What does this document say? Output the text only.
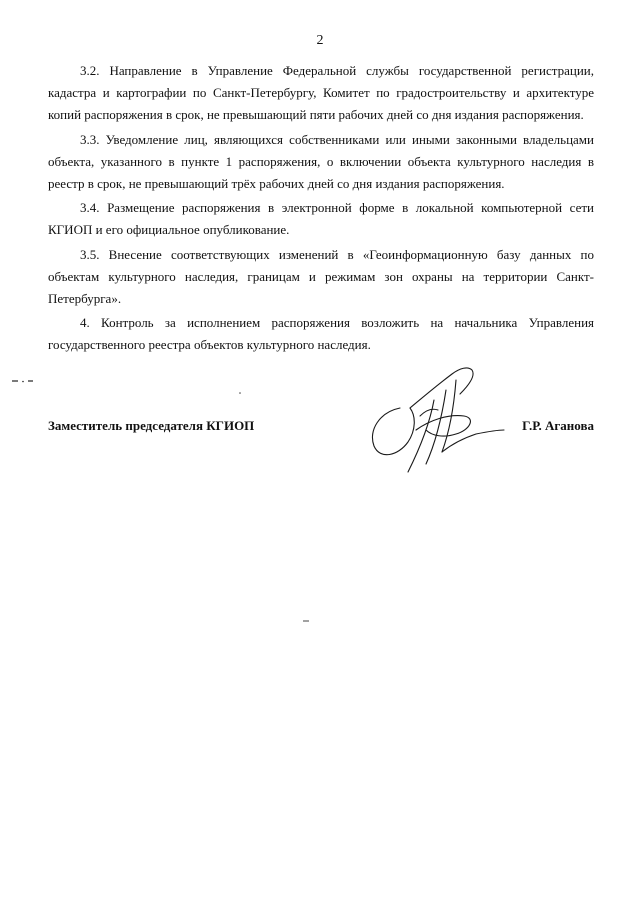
2

3.2. Направление в Управление Федеральной службы государственной регистрации, кадастра и картографии по Санкт-Петербургу, Комитет по градостроительству и архитектуре копий распоряжения в срок, не превышающий пяти рабочих дней со дня издания распоряжения.

3.3. Уведомление лиц, являющихся собственниками или иными законными владельцами объекта, указанного в пункте 1 распоряжения, о включении объекта культурного наследия в реестр в срок, не превышающий трёх рабочих дней со дня издания распоряжения.

3.4. Размещение распоряжения в электронной форме в локальной компьютерной сети КГИОП и его официальное опубликование.

3.5. Внесение соответствующих изменений в «Геоинформационную базу данных по объектам культурного наследия, границам и режимам зон охраны на территории Санкт-Петербурга».

4. Контроль за исполнением распоряжения возложить на начальника Управления государственного реестра объектов культурного наследия.

Заместитель председателя КГИОП	Г.Р. Аганова
